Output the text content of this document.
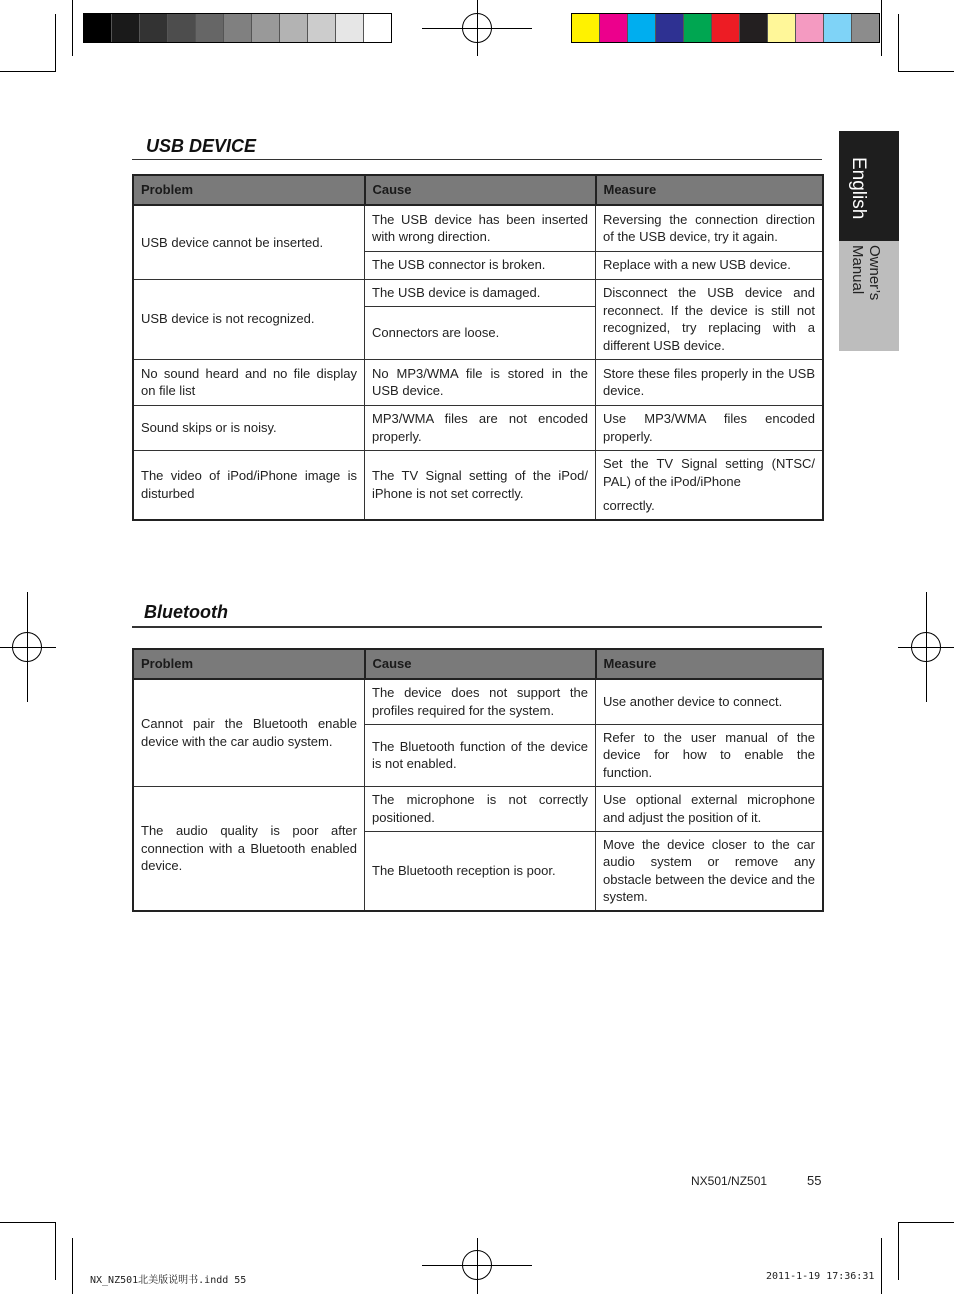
English
Owner’s Manual
USB DEVICE
Problem	Cause	Measure
USB device cannot be inserted.	The USB device has been inserted with wrong direction.	Reversing the connection direction of the USB device, try it again.
	The USB connector is broken.	Replace with a new USB device.
USB device is not recognized.	The USB device is damaged.	Disconnect the USB device and reconnect. If the device is still not recognized, try replacing with a different USB device.
	Connectors are loose.	
No sound heard and no file display on file list	No MP3/WMA file is stored in the USB device.	Store these files properly in the USB device.
Sound skips or is noisy.	MP3/WMA files are not encoded properly.	Use MP3/WMA files encoded properly.
The video of iPod/iPhone image is disturbed	The TV Signal setting of the iPod/ iPhone is not set correctly.	Set the TV Signal setting (NTSC/ PAL) of the iPod/iPhone
correctly.
Bluetooth
Problem	Cause	Measure
Cannot pair the Bluetooth enable device with the car audio system.	The device does not support the profiles required for the system.	Use another device to connect.
	The Bluetooth function of the device is not enabled.	Refer to the user manual of the device for how to enable the function.
The audio quality is poor after connection with a Bluetooth enabled device.	The microphone is not correctly positioned.	Use optional external microphone and adjust the position of it.
	The Bluetooth reception is poor.	Move the device closer to the car audio system or remove any obstacle between the device and the system.
NX501/NZ501	55
NX_NZ501北美版说明书.indd 55	2011-1-19 17:36:31
